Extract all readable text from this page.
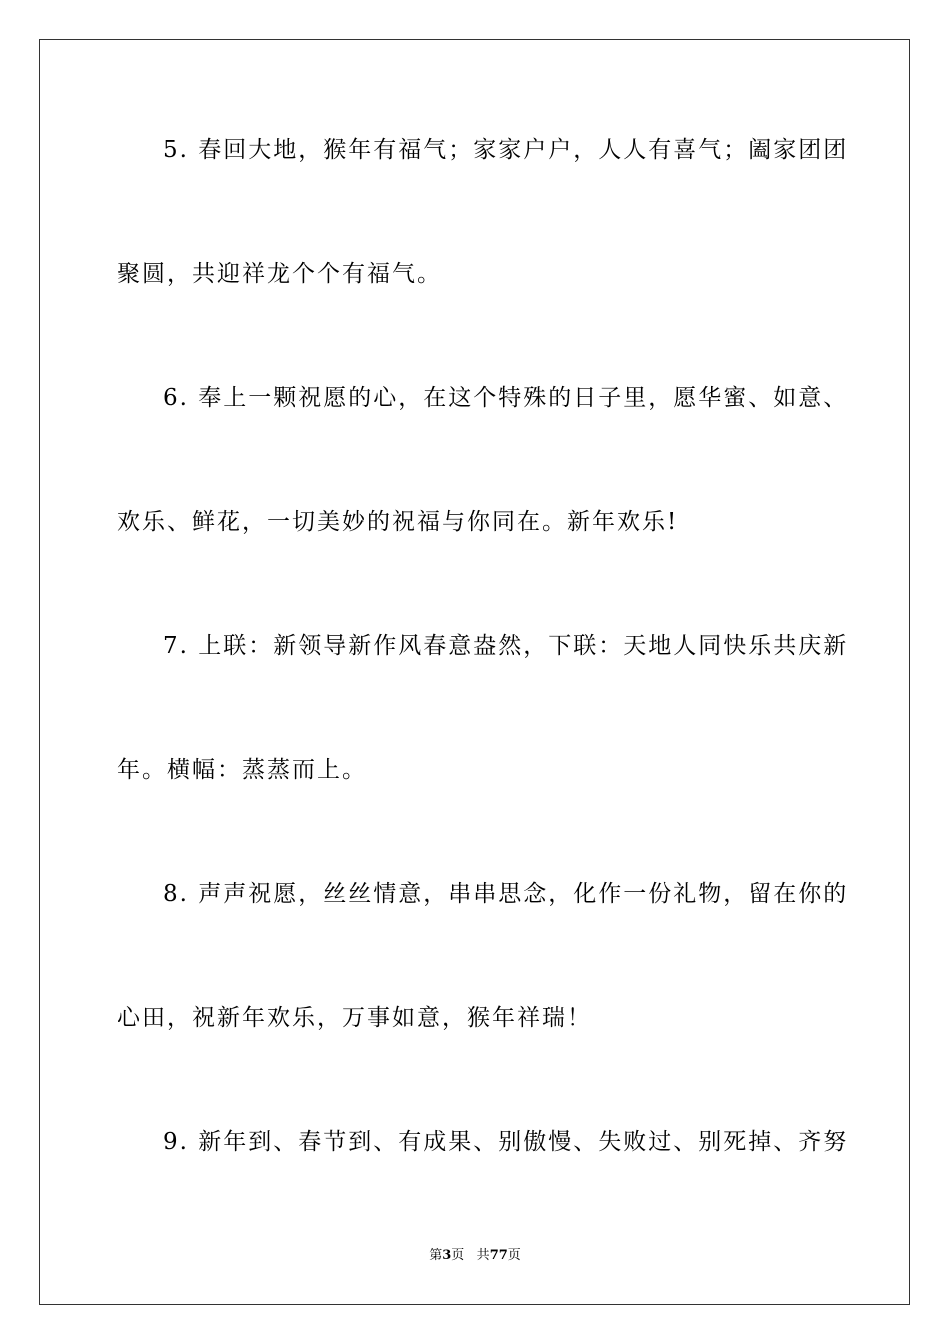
5. 春回大地，猴年有福气；家家户户，人人有喜气；阖家团团
聚圆，共迎祥龙个个有福气。
6. 奉上一颗祝愿的心，在这个特殊的日子里，愿华蜜、如意、
欢乐、鲜花，一切美妙的祝福与你同在。新年欢乐!
7. 上联：新领导新作风春意盎然，下联：天地人同快乐共庆新
年。横幅：蒸蒸而上。
8. 声声祝愿，丝丝情意，串串思念，化作一份礼物，留在你的
心田，祝新年欢乐，万事如意，猴年祥瑞！
9. 新年到、春节到、有成果、别傲慢、失败过、别死掉、齐努
第3页 共77页
